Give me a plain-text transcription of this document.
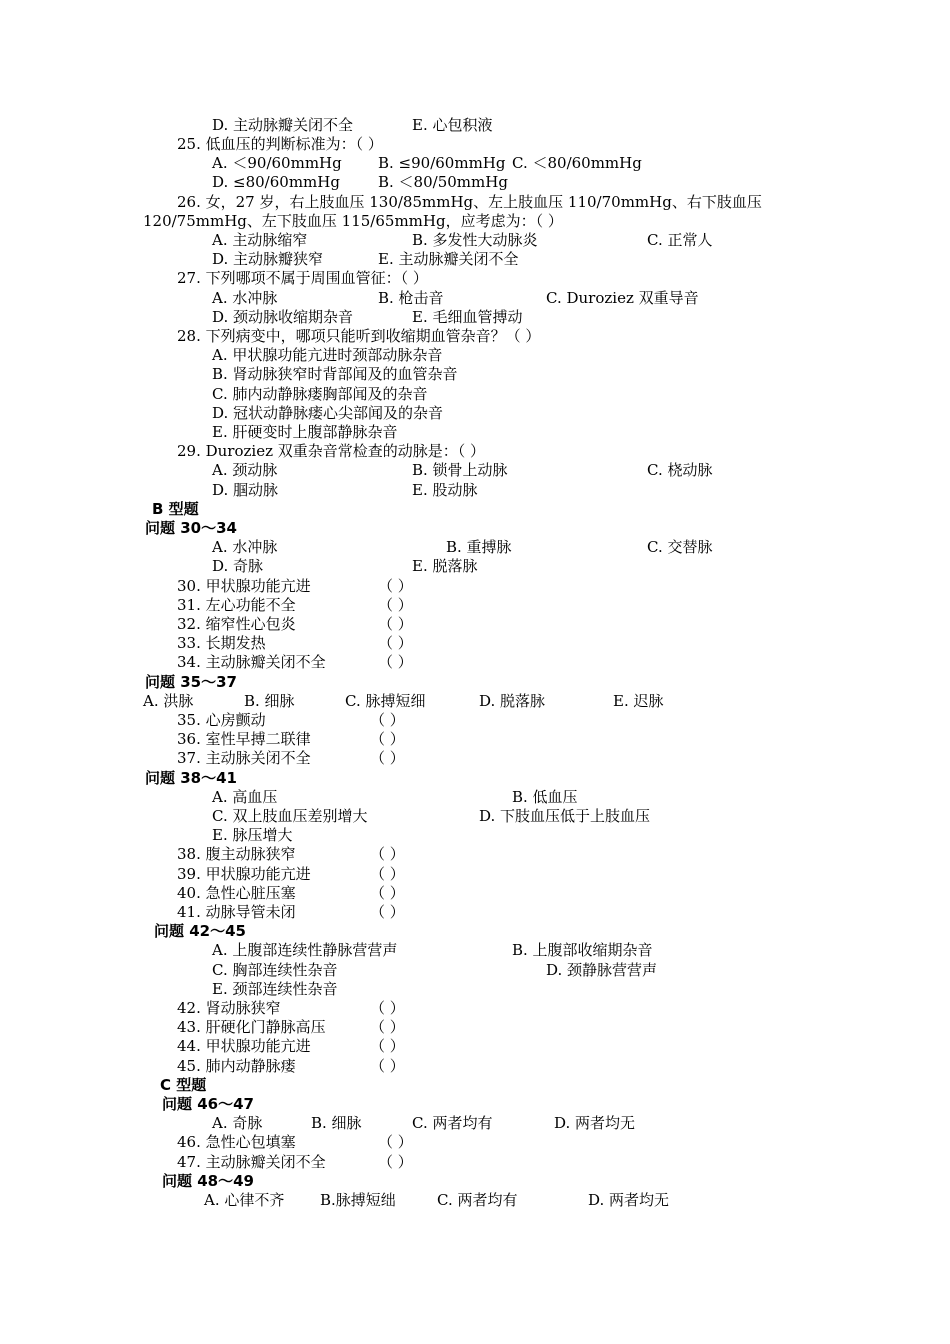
D. 主动脉瓣关闭不全	E. 心包积液
25. 低血压的判断标准为：（ ）
A. ＜90/60mmHg B. ≤90/60mmHg C. ＜80/60mmHg
D. ≤80/60mmHg	B. ＜80/50mmHg
26. 女，27 岁，右上肢血压 130/85mmHg、左上肢血压 110/70mmHg、右下肢血压
120/75mmHg、左下肢血压 115/65mmHg，应考虑为：（ ）
A. 主动脉缩窄	B. 多发性大动脉炎	C. 正常人
D. 主动脉瓣狭窄	E. 主动脉瓣关闭不全
27. 下列哪项不属于周围血管征：（ ）
A. 水冲脉	B. 枪击音	C. Duroziez 双重导音
D. 颈动脉收缩期杂音	E. 毛细血管搏动
28. 下列病变中，哪项只能听到收缩期血管杂音？（ ）
A. 甲状腺功能亢进时颈部动脉杂音
B. 肾动脉狭窄时背部闻及的血管杂音
C. 肺内动静脉瘘胸部闻及的杂音
D. 冠状动静脉瘘心尖部闻及的杂音
E. 肝硬变时上腹部静脉杂音
29. Duroziez 双重杂音常检查的动脉是：（ ）
A. 颈动脉	B. 锁骨上动脉	C. 桡动脉
D. 腘动脉	E. 股动脉
B 型题
问题 30～34
A. 水冲脉	B. 重搏脉	C. 交替脉
D. 奇脉	E. 脱落脉
30. 甲状腺功能亢进	（ ）
31. 左心功能不全	（ ）
32. 缩窄性心包炎	（ ）
33. 长期发热	（ ）
34. 主动脉瓣关闭不全	（ ）
问题 35～37
A. 洪脉	B. 细脉	C. 脉搏短细	D. 脱落脉	E. 迟脉
35. 心房颤动	（ ）
36. 室性早搏二联律	（ ）
37. 主动脉关闭不全	（ ）
问题 38～41
A. 高血压	B. 低血压
C. 双上肢血压差别增大	D. 下肢血压低于上肢血压
E. 脉压增大
38. 腹主动脉狭窄	（ ）
39. 甲状腺功能亢进	（ ）
40. 急性心脏压塞	（ ）
41. 动脉导管未闭	（ ）
问题 42～45
A. 上腹部连续性静脉营营声	B. 上腹部收缩期杂音
C. 胸部连续性杂音	D. 颈静脉营营声
E. 颈部连续性杂音
42. 肾动脉狭窄	（ ）
43. 肝硬化门静脉高压	（ ）
44. 甲状腺功能亢进	（ ）
45. 肺内动静脉瘘	（ ）
C 型题
问题 46～47
A. 奇脉	B. 细脉	C. 两者均有	D. 两者均无
46. 急性心包填塞	（ ）
47. 主动脉瓣关闭不全	（ ）
问题 48～49
A. 心律不齐 B.脉搏短绌	C. 两者均有	D. 两者均无
